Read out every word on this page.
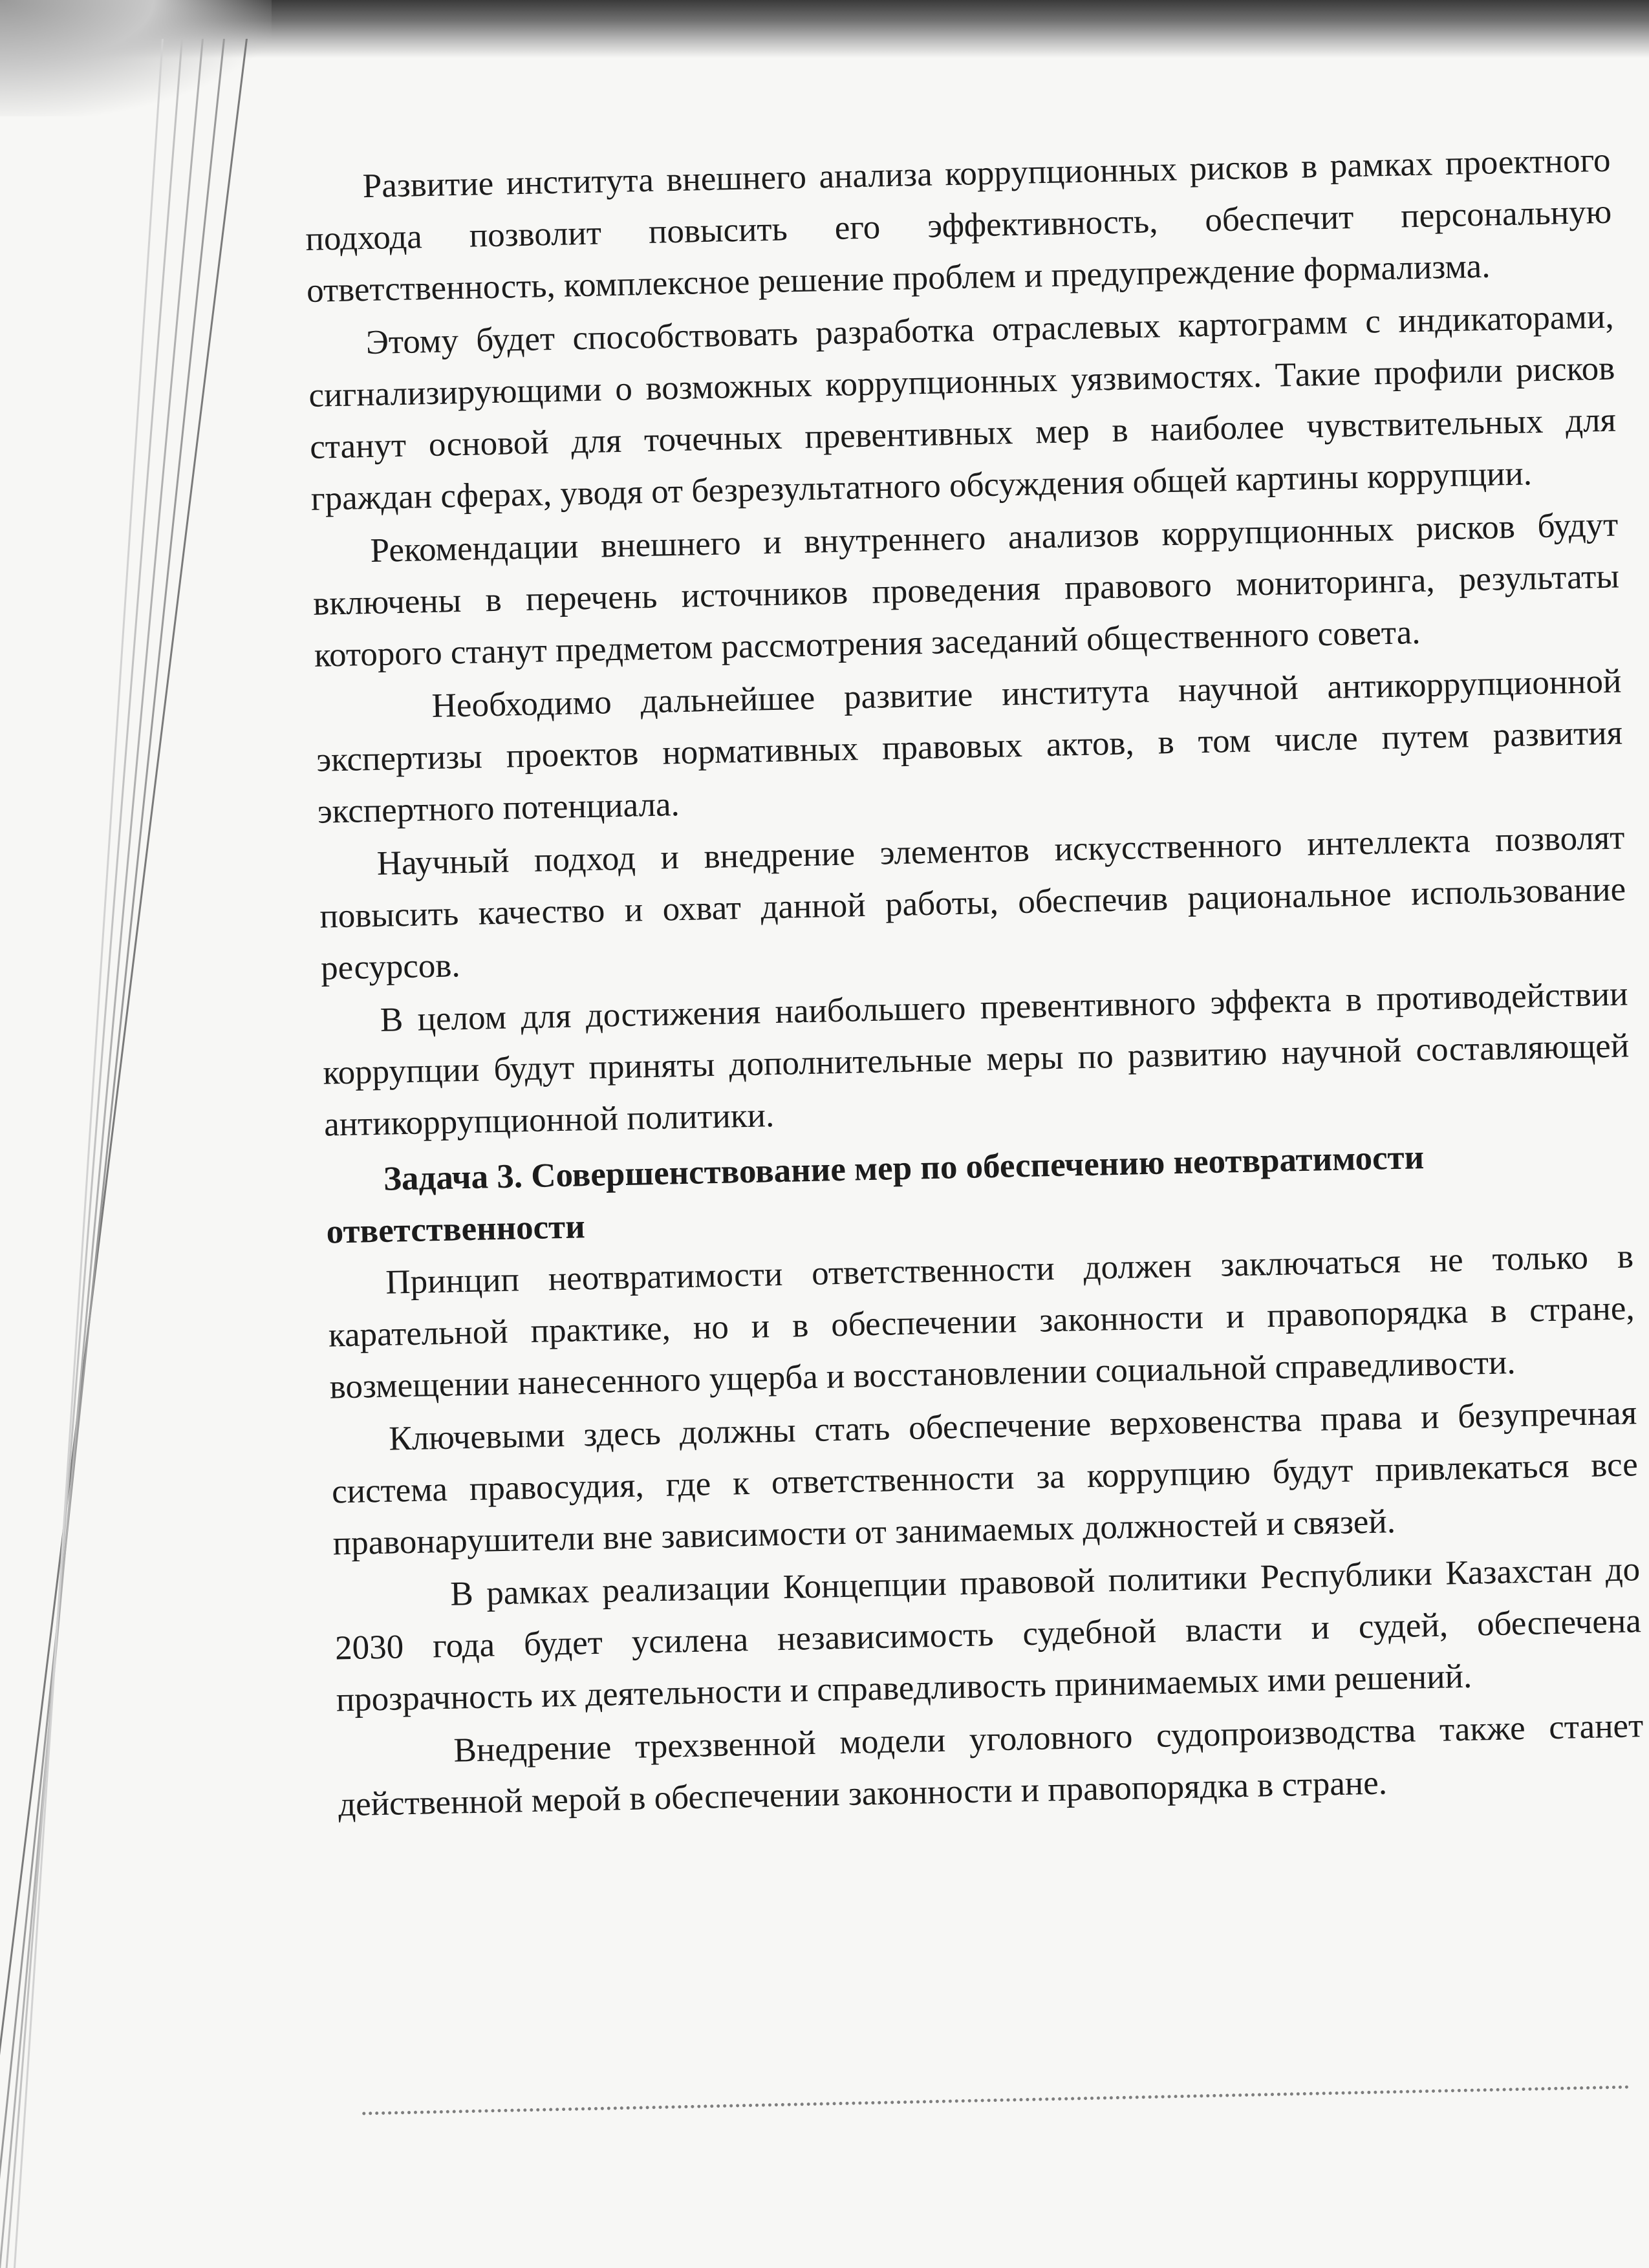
Развитие института внешнего анализа коррупционных рисков в рамках проектного подхода позволит повысить его эффективность, обеспечит персональную ответственность, комплексное решение проблем и предупреждение формализма.

Этому будет способствовать разработка отраслевых картограмм с индикаторами, сигнализирующими о возможных коррупционных уязвимостях. Такие профили рисков станут основой для точечных превентивных мер в наиболее чувствительных для граждан сферах, уводя от безрезультатного обсуждения общей картины коррупции.

Рекомендации внешнего и внутреннего анализов коррупционных рисков будут включены в перечень источников проведения правового мониторинга, результаты которого станут предметом рассмотрения заседаний общественного совета.

Необходимо дальнейшее развитие института научной антикоррупционной экспертизы проектов нормативных правовых актов, в том числе путем развития экспертного потенциала.

Научный подход и внедрение элементов искусственного интеллекта позволят повысить качество и охват данной работы, обеспечив рациональное использование ресурсов.

В целом для достижения наибольшего превентивного эффекта в противодействии коррупции будут приняты дополнительные меры по развитию научной составляющей антикоррупционной политики.

Задача 3. Совершенствование мер по обеспечению неотвратимости ответственности

Принцип неотвратимости ответственности должен заключаться не только в карательной практике, но и в обеспечении законности и правопорядка в стране, возмещении нанесенного ущерба и восстановлении социальной справедливости.

Ключевыми здесь должны стать обеспечение верховенства права и безупречная система правосудия, где к ответственности за коррупцию будут привлекаться все правонарушители вне зависимости от занимаемых должностей и связей.

В рамках реализации Концепции правовой политики Республики Казахстан до 2030 года будет усилена независимость судебной власти и судей, обеспечена прозрачность их деятельности и справедливость принимаемых ими решений.

Внедрение трехзвенной модели уголовного судопроизводства также станет действенной мерой в обеспечении законности и правопорядка в стране.
